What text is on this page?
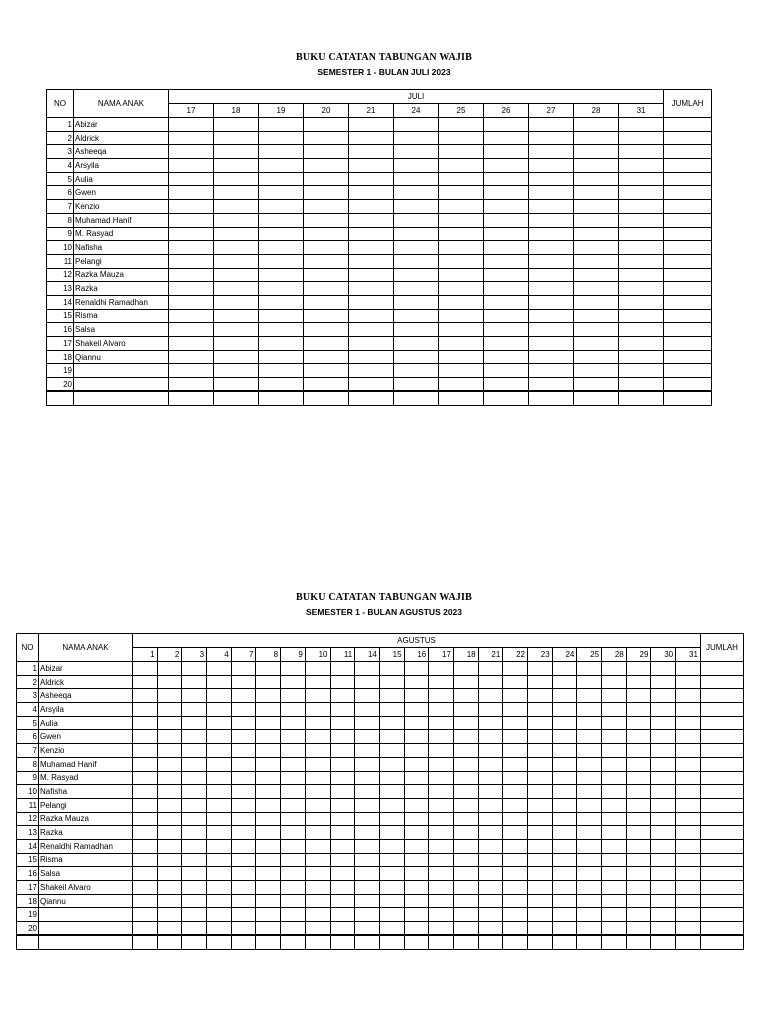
BUKU CATATAN TABUNGAN WAJIB
SEMESTER 1 - BULAN JULI 2023
NO	NAMA ANAK	JULI											JUMLAH
		17	18	19	20	21	24	25	26	27	28	31	
1	Abizar												
2	Aldrick												
3	Asheeqa												
4	Arsyila												
5	Aulia												
6	Gwen												
7	Kenzio												
8	Muhamad Hanif												
9	M. Rasyad												
10	Nafisha												
11	Pelangi												
12	Razka Mauza												
13	Razka												
14	Renaldhi Ramadhan												
15	Risma												
16	Salsa												
17	Shakeil Alvaro												
18	Qiannu												
19													
20													

BUKU CATATAN TABUNGAN WAJIB
SEMESTER 1 - BULAN AGUSTUS 2023
NO	NAMA ANAK	AGUSTUS																							JUMLAH
		1	2	3	4	7	8	9	10	11	14	15	16	17	18	21	22	23	24	25	28	29	30	31	
1	Abizar																								
2	Aldrick																								
3	Asheeqa																								
4	Arsyila																								
5	Aulia																								
6	Gwen																								
7	Kenzio																								
8	Muhamad Hanif																								
9	M. Rasyad																								
10	Nafisha																								
11	Pelangi																								
12	Razka Mauza																								
13	Razka																								
14	Renaldhi Ramadhan																								
15	Risma																								
16	Salsa																								
17	Shakeil Alvaro																								
18	Qiannu																								
19																									
20																									
